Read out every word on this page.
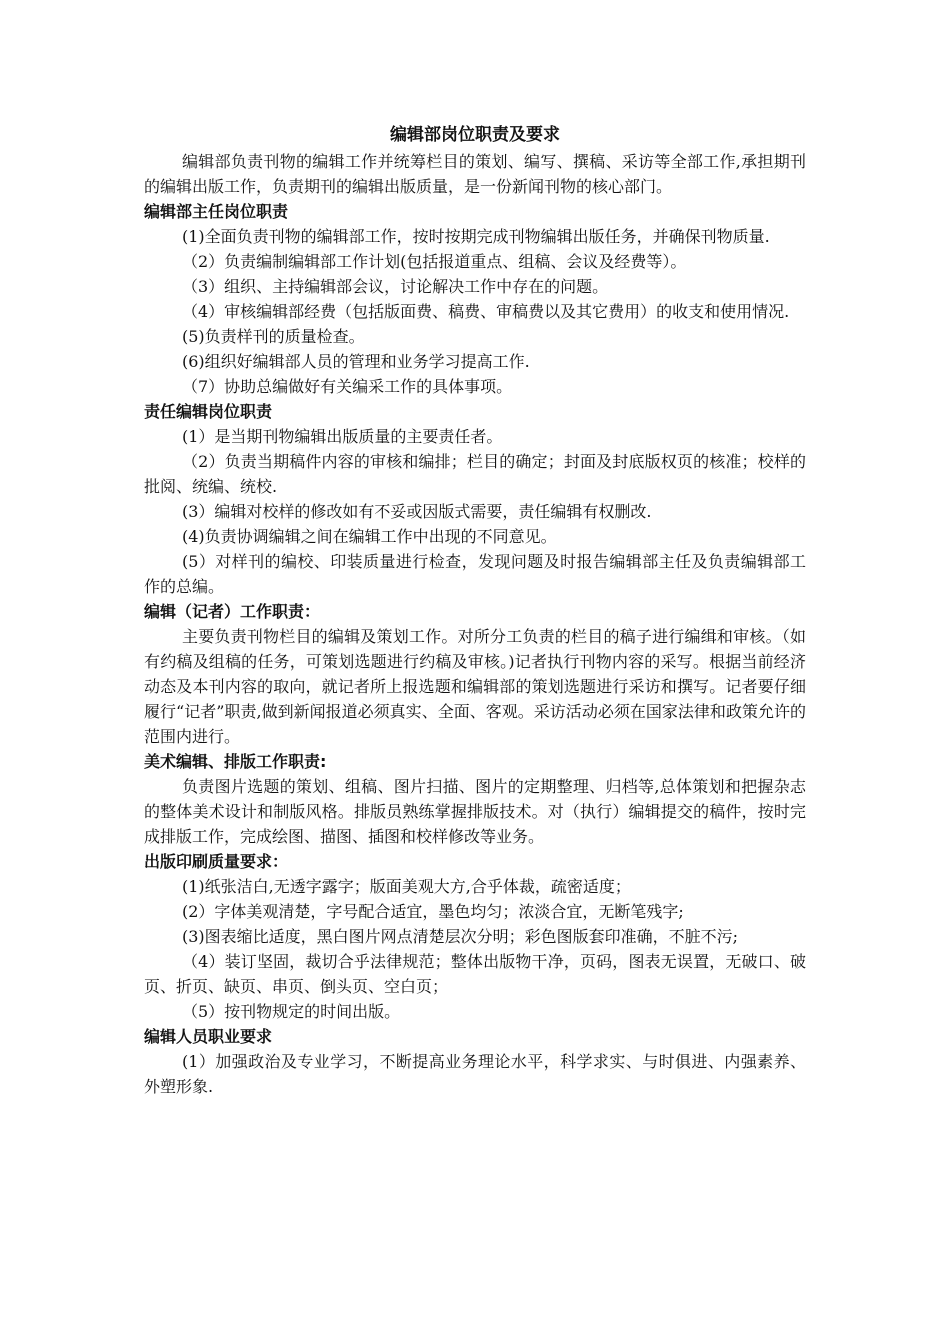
编辑部岗位职责及要求

编辑部负责刊物的编辑工作并统筹栏目的策划、编写、撰稿、采访等全部工作,承担期刊的编辑出版工作，负责期刊的编辑出版质量，是一份新闻刊物的核心部门。

编辑部主任岗位职责

(1)全面负责刊物的编辑部工作，按时按期完成刊物编辑出版任务，并确保刊物质量.

（2）负责编制编辑部工作计划(包括报道重点、组稿、会议及经费等）。

（3）组织、主持编辑部会议，讨论解决工作中存在的问题。

（4）审核编辑部经费（包括版面费、稿费、审稿费以及其它费用）的收支和使用情况.

(5)负责样刊的质量检查。

(6)组织好编辑部人员的管理和业务学习提高工作.

（7）协助总编做好有关编采工作的具体事项。

责任编辑岗位职责

(1）是当期刊物编辑出版质量的主要责任者。

（2）负责当期稿件内容的审核和编排；栏目的确定；封面及封底版权页的核准；校样的批阅、统编、统校.

(3）编辑对校样的修改如有不妥或因版式需要，责任编辑有权删改.

(4)负责协调编辑之间在编辑工作中出现的不同意见。

(5）对样刊的编校、印装质量进行检查，发现问题及时报告编辑部主任及负责编辑部工作的总编。

编辑（记者）工作职责：

主要负责刊物栏目的编辑及策划工作。对所分工负责的栏目的稿子进行编缉和审核。（如有约稿及组稿的任务，可策划选题进行约稿及审核。)记者执行刊物内容的采写。根据当前经济动态及本刊内容的取向，就记者所上报选题和编辑部的策划选题进行采访和撰写。记者要仔细履行“记者”职责,做到新闻报道必须真实、全面、客观。采访活动必须在国家法律和政策允许的范围内进行。

美术编辑、排版工作职责:

负责图片选题的策划、组稿、图片扫描、图片的定期整理、归档等,总体策划和把握杂志的整体美术设计和制版风格。排版员熟练掌握排版技术。对（执行）编辑提交的稿件，按时完成排版工作，完成绘图、描图、插图和校样修改等业务。

出版印刷质量要求：

(1)纸张洁白,无透字露字；版面美观大方,合乎体裁，疏密适度；

(2）字体美观清楚，字号配合适宜，墨色均匀；浓淡合宜，无断笔残字;

(3)图表缩比适度，黑白图片网点清楚层次分明；彩色图版套印准确，不脏不污;

（4）装订坚固，裁切合乎法律规范；整体出版物干净，页码，图表无误置，无破口、破页、折页、缺页、串页、倒头页、空白页；

（5）按刊物规定的时间出版。

编辑人员职业要求

(1）加强政治及专业学习，不断提高业务理论水平，科学求实、与时俱进、内强素养、外塑形象.
